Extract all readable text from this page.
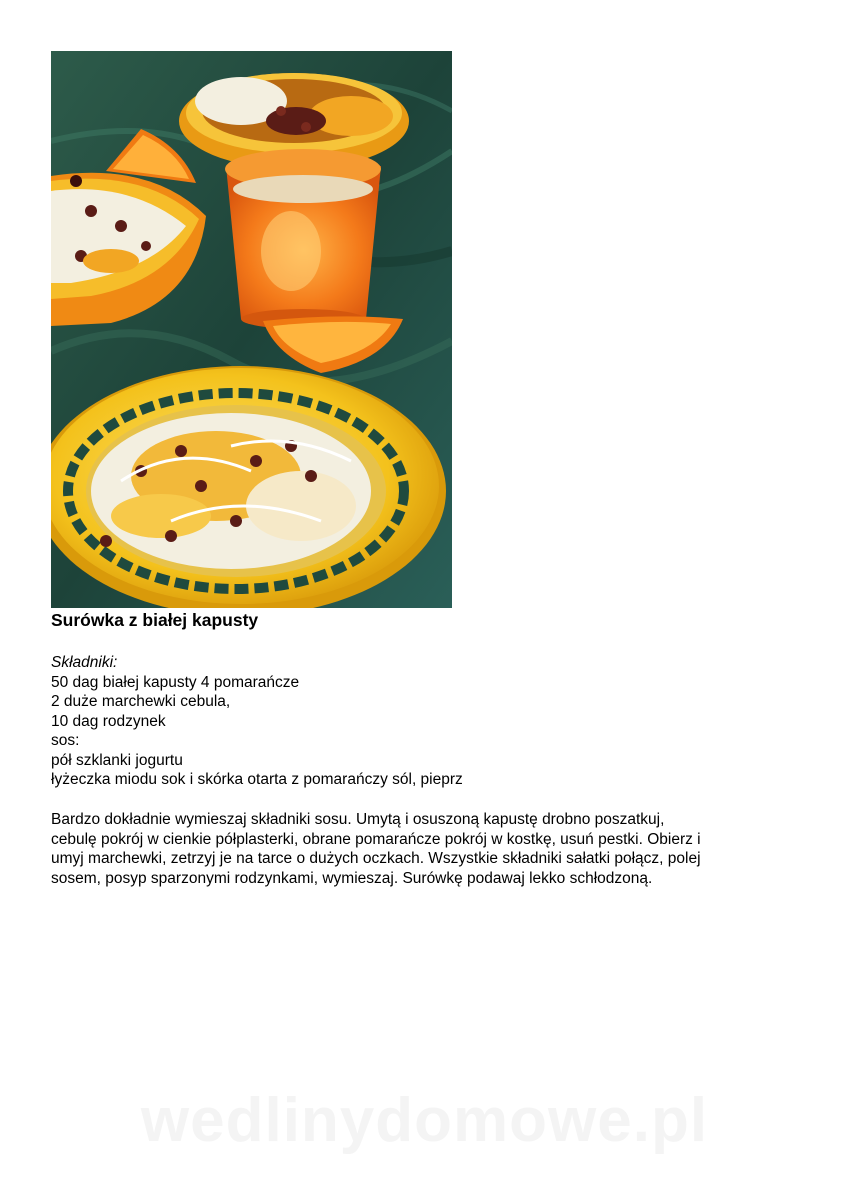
Surówka z białej kapusty
Składniki:
50 dag białej kapusty 4 pomarańcze
2 duże marchewki cebula,
10 dag rodzynek
sos:
pół szklanki jogurtu
łyżeczka miodu sok i skórka otarta z pomarańczy sól, pieprz

Bardzo dokładnie wymieszaj składniki sosu. Umytą i osuszoną kapustę drobno poszatkuj,
cebulę pokrój w cienkie półplasterki, obrane pomarańcze pokrój w kostkę, usuń pestki. Obierz i
umyj marchewki, zetrzyj je na tarce o dużych oczkach. Wszystkie składniki sałatki połącz, polej
sosem, posyp sparzonymi rodzynkami, wymieszaj. Surówkę podawaj lekko schłodzoną.

wedlinydomowe.pl
